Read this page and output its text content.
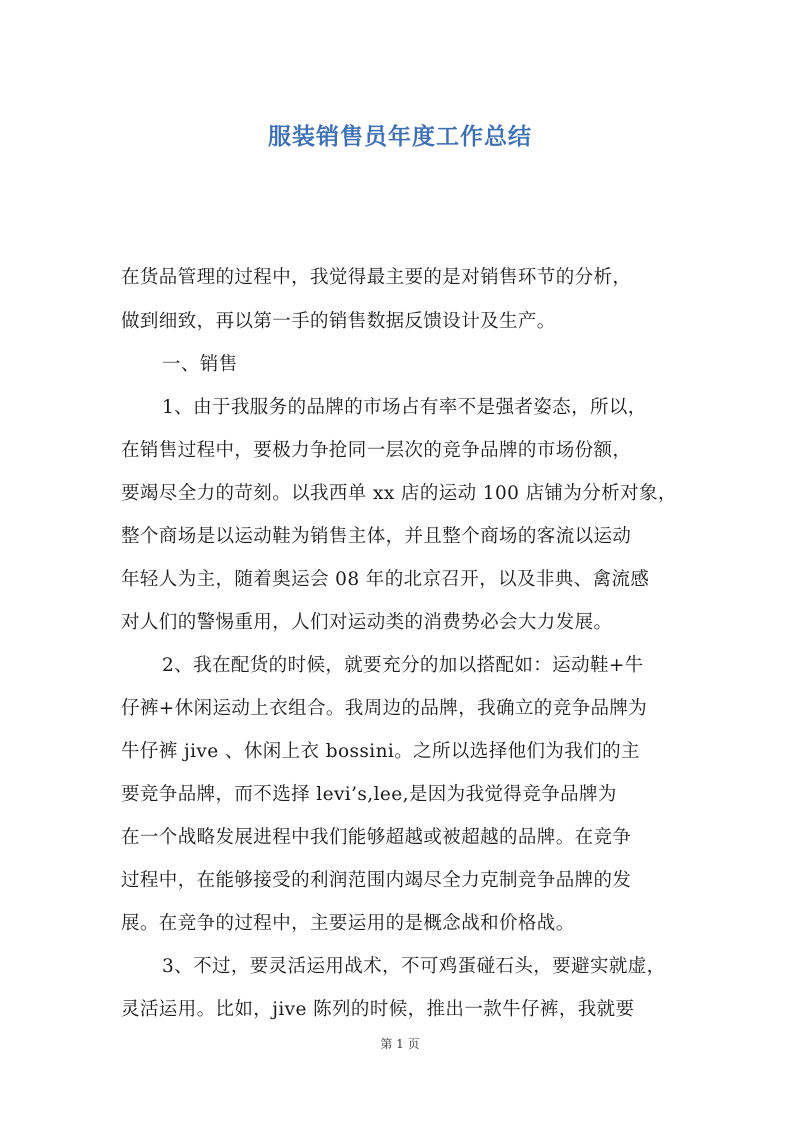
服装销售员年度工作总结
在货品管理的过程中，我觉得最主要的是对销售环节的分析，
做到细致，再以第一手的销售数据反馈设计及生产。
一、销售
1、由于我服务的品牌的市场占有率不是强者姿态，所以，
在销售过程中，要极力争抢同一层次的竞争品牌的市场份额，
要竭尽全力的苛刻。以我西单 xx 店的运动 100 店铺为分析对象，
整个商场是以运动鞋为销售主体，并且整个商场的客流以运动
年轻人为主，随着奥运会 08 年的北京召开，以及非典、禽流感
对人们的警惕重用，人们对运动类的消费势必会大力发展。
2、我在配货的时候，就要充分的加以搭配如：运动鞋+牛
仔裤+休闲运动上衣组合。我周边的品牌，我确立的竞争品牌为
牛仔裤 jive 、休闲上衣 bossini。之所以选择他们为我们的主
要竞争品牌，而不选择 levi’s,lee,是因为我觉得竞争品牌为
在一个战略发展进程中我们能够超越或被超越的品牌。在竞争
过程中，在能够接受的利润范围内竭尽全力克制竞争品牌的发
展。在竞争的过程中，主要运用的是概念战和价格战。
3、不过，要灵活运用战术，不可鸡蛋碰石头，要避实就虚，
灵活运用。比如，jive 陈列的时候，推出一款牛仔裤，我就要
第 1 页
